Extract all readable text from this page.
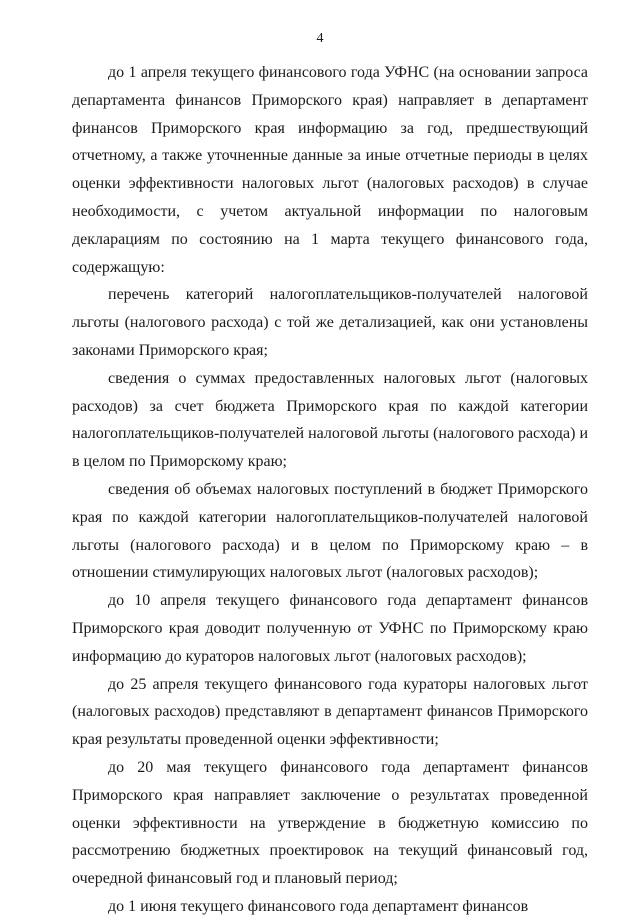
4

до 1 апреля текущего финансового года УФНС (на основании запроса департамента финансов Приморского края) направляет в департамент финансов Приморского края информацию за год, предшествующий отчетному, а также уточненные данные за иные отчетные периоды в целях оценки эффективности налоговых льгот (налоговых расходов) в случае необходимости, с учетом актуальной информации по налоговым декларациям по состоянию на 1 марта текущего финансового года, содержащую:

перечень категорий налогоплательщиков-получателей налоговой льготы (налогового расхода) с той же детализацией, как они установлены законами Приморского края;

сведения о суммах предоставленных налоговых льгот (налоговых расходов) за счет бюджета Приморского края по каждой категории налогоплательщиков-получателей налоговой льготы (налогового расхода) и в целом по Приморскому краю;

сведения об объемах налоговых поступлений в бюджет Приморского края по каждой категории налогоплательщиков-получателей налоговой льготы (налогового расхода) и в целом по Приморскому краю – в отношении стимулирующих налоговых льгот (налоговых расходов);

до 10 апреля текущего финансового года департамент финансов Приморского края доводит полученную от УФНС по Приморскому краю информацию до кураторов налоговых льгот (налоговых расходов);

до 25 апреля текущего финансового года кураторы налоговых льгот (налоговых расходов) представляют в департамент финансов Приморского края результаты проведенной оценки эффективности;

до 20 мая текущего финансового года департамент финансов Приморского края направляет заключение о результатах проведенной оценки эффективности на утверждение в бюджетную комиссию по рассмотрению бюджетных проектировок на текущий финансовый год, очередной финансовый год и плановый период;

до 1 июня текущего финансового года департамент финансов
